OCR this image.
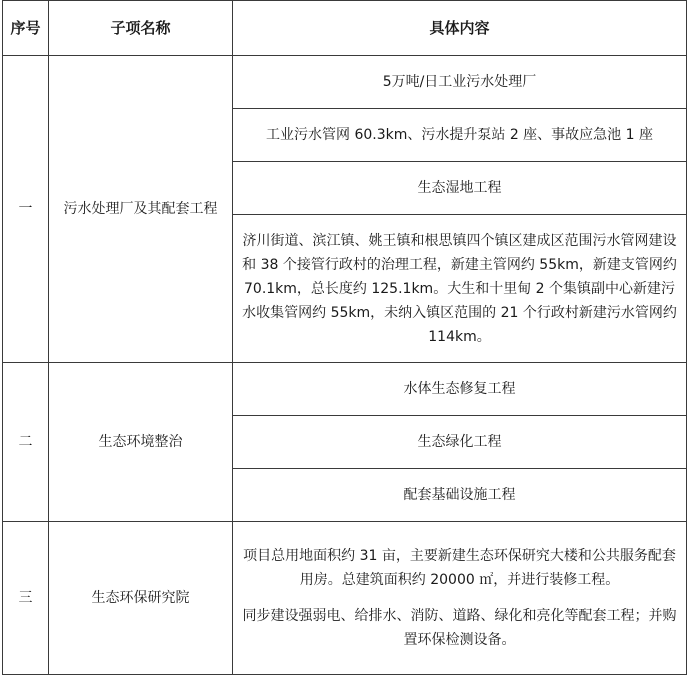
序号	子项名称	具体内容
一	污水处理厂及其配套工程	5万吨/日工业污水处理厂
		工业污水管网 60.3km、污水提升泵站 2 座、事故应急池 1 座
		生态湿地工程
		济川街道、滨江镇、姚王镇和根思镇四个镇区建成区范围污水管网建设和 38 个接管行政村的治理工程，新建主管网约 55km，新建支管网约 70.1km，总长度约 125.1km。大生和十里甸 2 个集镇副中心新建污水收集管网约 55km，未纳入镇区范围的 21 个行政村新建污水管网约 114km。
二	生态环境整治	水体生态修复工程
		生态绿化工程
		配套基础设施工程
三	生态环保研究院	项目总用地面积约 31 亩，主要新建生态环保研究大楼和公共服务配套用房。总建筑面积约 20000 ㎡，并进行装修工程。

同步建设强弱电、给排水、消防、道路、绿化和亮化等配套工程；并购置环保检测设备。
